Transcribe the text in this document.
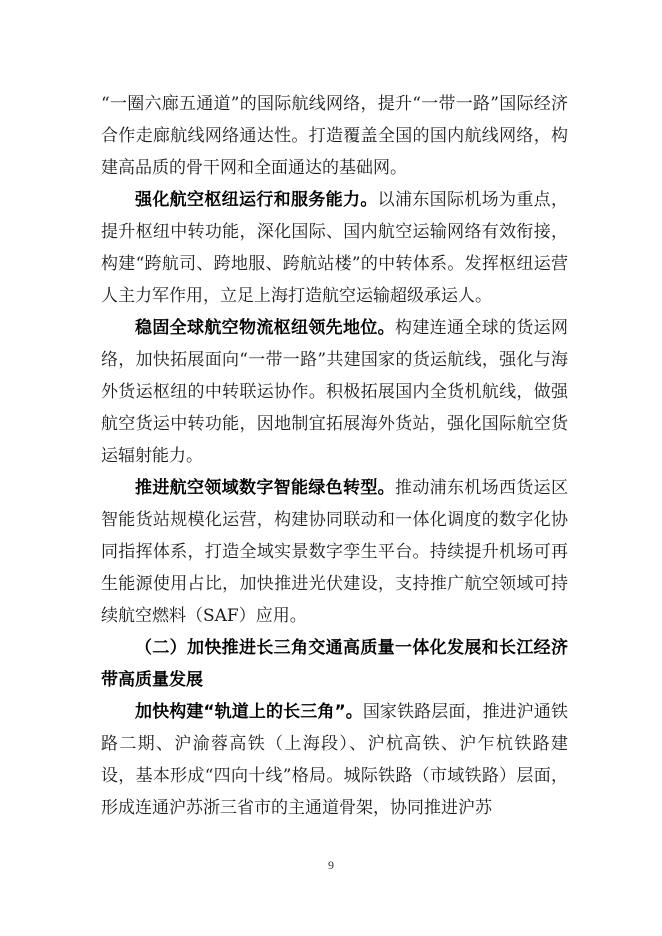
“一圈六廊五通道”的国际航线网络，提升“一带一路”国际经济合作走廊航线网络通达性。打造覆盖全国的国内航线网络，构建高品质的骨干网和全面通达的基础网。

强化航空枢纽运行和服务能力。以浦东国际机场为重点，提升枢纽中转功能，深化国际、国内航空运输网络有效衔接，构建“跨航司、跨地服、跨航站楼”的中转体系。发挥枢纽运营人主力军作用，立足上海打造航空运输超级承运人。

稳固全球航空物流枢纽领先地位。构建连通全球的货运网络，加快拓展面向“一带一路”共建国家的货运航线，强化与海外货运枢纽的中转联运协作。积极拓展国内全货机航线，做强航空货运中转功能，因地制宜拓展海外货站，强化国际航空货运辐射能力。

推进航空领域数字智能绿色转型。推动浦东机场西货运区智能货站规模化运营，构建协同联动和一体化调度的数字化协同指挥体系，打造全域实景数字孪生平台。持续提升机场可再生能源使用占比，加快推进光伏建设，支持推广航空领域可持续航空燃料（SAF）应用。

（二）加快推进长三角交通高质量一体化发展和长江经济带高质量发展

加快构建“轨道上的长三角”。国家铁路层面，推进沪通铁路二期、沪渝蓉高铁（上海段）、沪杭高铁、沪乍杭铁路建设，基本形成“四向十线”格局。城际铁路（市域铁路）层面，形成连通沪苏浙三省市的主通道骨架，协同推进沪苏

9
